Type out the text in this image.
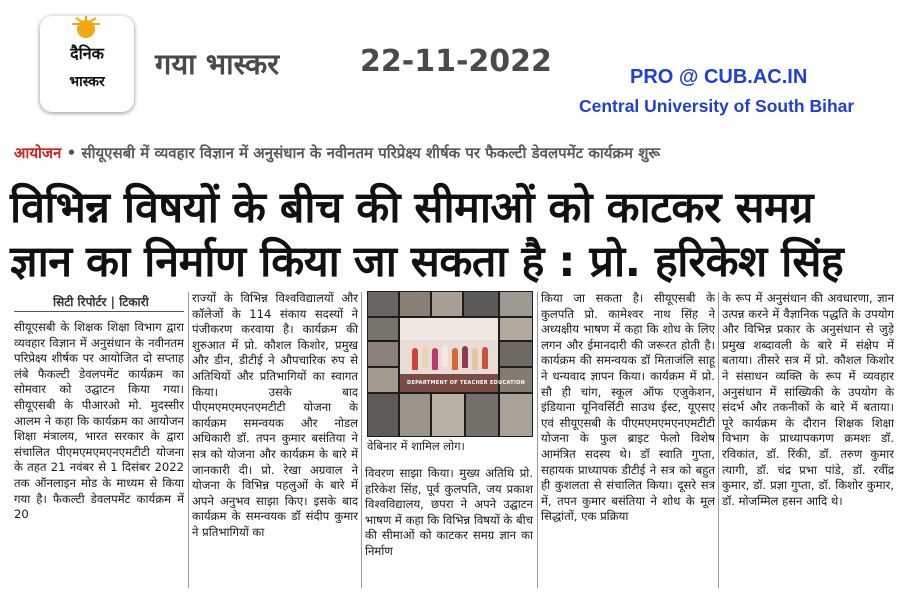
दैनिक
भास्कर
गया भास्कर	22-11-2022	PRO @ CUB.AC.IN
Central University of South Bihar
आयोजन • सीयूएसबी में व्यवहार विज्ञान में अनुसंधान के नवीनतम परिप्रेक्ष्य शीर्षक पर फैकल्टी डेवलपमेंट कार्यक्रम शुरू
विभिन्न विषयों के बीच की सीमाओं को काटकर समग्र
ज्ञान का निर्माण किया जा सकता है : प्रो. हरिकेश सिंह
सिटी रिपोर्टर | टिकारी
सीयूएसबी के शिक्षक शिक्षा विभाग द्वारा व्यवहार विज्ञान में अनुसंधान के नवीनतम परिप्रेक्ष्य शीर्षक पर आयोजित दो सप्ताह लंबे फैकल्टी डेवलपमेंट कार्यक्रम का सोमवार को उद्घाटन किया गया। सीयूएसबी के पीआरओ मो. मुदस्सीर आलम ने कहा कि कार्यक्रम का आयोजन शिक्षा मंत्रालय, भारत सरकार के द्वारा संचालित पीएमएमएमएनएमटीटी योजना के तहत 21 नवंबर से 1 दिसंबर 2022 तक ऑनलाइन मोड के माध्यम से किया गया है। फैकल्टी डेवलपमेंट कार्यक्रम में 20
राज्यों के विभिन्न विश्वविद्यालयों और कॉलेजों के 114 संकाय सदस्यों ने पंजीकरण करवाया है। कार्यक्रम की शुरुआत में प्रो. कौशल किशोर, प्रमुख और डीन, डीटीई ने औपचारिक रुप से अतिथियों और प्रतिभागियों का स्वागत किया। उसके बाद पीएमएमएमएनएमटीटी योजना के कार्यक्रम समन्वयक और नोडल अधिकारी डॉ. तपन कुमार बसंतिया ने सत्र को योजना और कार्यक्रम के बारे में जानकारी दी। प्रो. रेखा अग्रवाल ने योजना के विभिन्न पहलुओं के बारे में अपने अनुभव साझा किए। इसके बाद कार्यक्रम के समन्वयक डॉ संदीप कुमार ने प्रतिभागियों का
विवरण साझा किया। मुख्य अतिथि प्रो. हरिकेश सिंह, पूर्व कुलपति, जय प्रकाश विश्वविद्यालय, छपरा ने अपने उद्घाटन भाषण में कहा कि विभिन्न विषयों के बीच की सीमाओं को काटकर समग्र ज्ञान का निर्माण
किया जा सकता है। सीयूएसबी के कुलपति प्रो. कामेश्वर नाथ सिंह ने अध्यक्षीय भाषण में कहा कि शोध के लिए लगन और ईमानदारी की जरूरत होती है। कार्यक्रम की समन्वयक डॉ मिताजंलि साहू ने धन्यवाद ज्ञापन किया। कार्यक्रम में प्रो. सौ ही चांग, स्कूल ऑफ एजुकेशन, इंडियाना यूनिवर्सिटी साउथ ईस्ट, यूएसए एवं सीयूएसबी के पीएमएमएमएनएमटीटी योजना के फुल ब्राइट फेलो विशेष आमंत्रित सदस्य थे। डॉ स्वाति गुप्ता, सहायक प्राध्यापक डीटीई ने सत्र को बहुत ही कुशलता से संचालित किया। दूसरे सत्र में, तपन कुमार बसंतिया ने शोध के मूल सिद्धांतों, एक प्रक्रिया
के रूप में अनुसंधान की अवधारणा, ज्ञान उत्पन्न करने में वैज्ञानिक पद्धति के उपयोग और विभिन्न प्रकार के अनुसंधान से जुड़े प्रमुख शब्दावली के बारे में संक्षेप में बताया। तीसरे सत्र में प्रो. कौशल किशोर ने संसाधन व्यक्ति के रूप में व्यवहार अनुसंधान में सांख्यिकी के उपयोग के संदर्भ और तकनीकों के बारे में बताया। पूरे कार्यक्रम के दौरान शिक्षक शिक्षा विभाग के प्राध्यापकगण क्रमशः डॉ. रविकांत, डॉ. रिंकी, डॉ. तरुण कुमार त्यागी, डॉ. चंद्र प्रभा पांडे, डॉ. रवींद्र कुमार, डॉ. प्रज्ञा गुप्ता, डॉ. किशोर कुमार, डॉ. मोजम्मिल हसन आदि थे।
DEPARTMENT OF TEACHER EDUCATION
वेबिनार में शामिल लोग।
